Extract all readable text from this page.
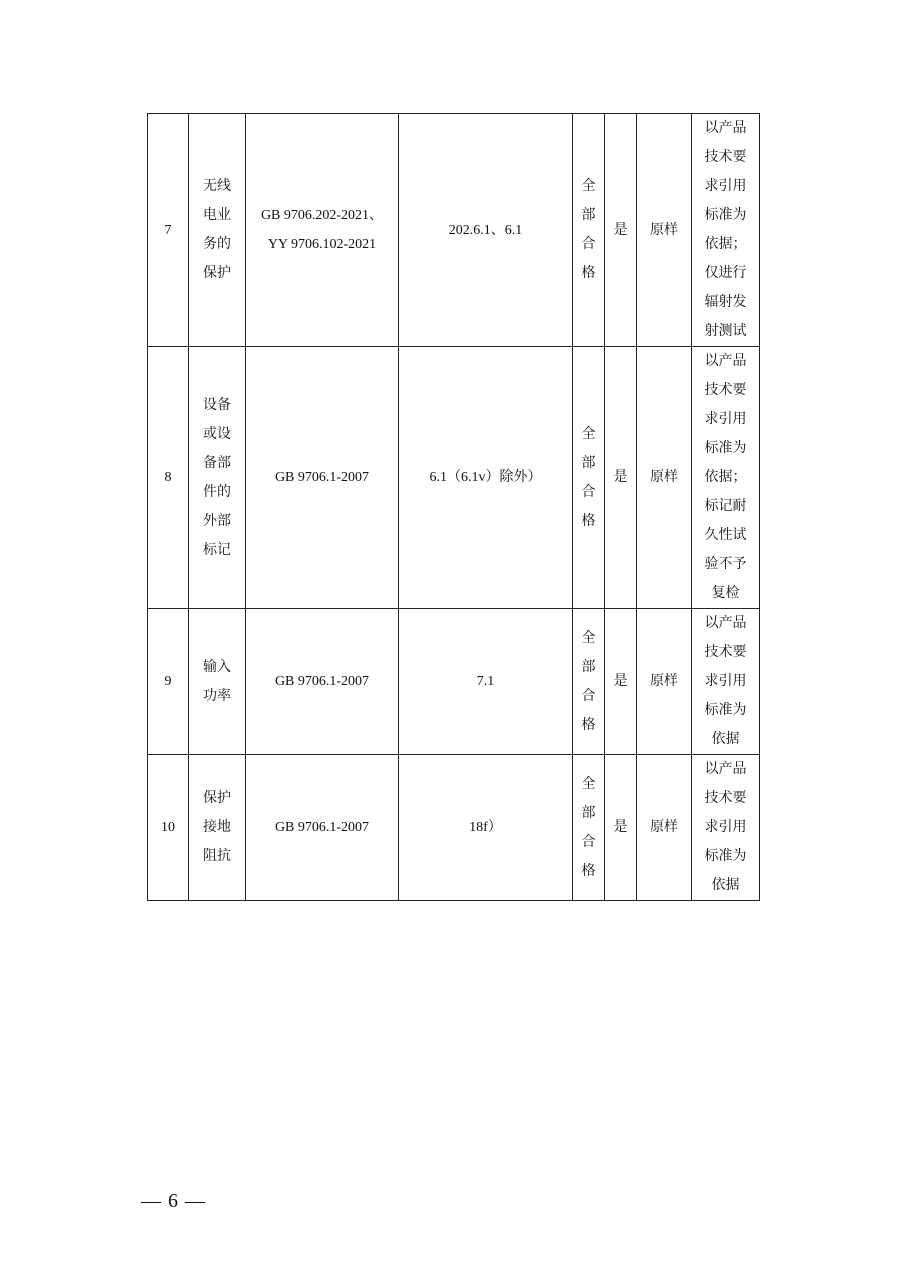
7	无线电业务的保护	GB 9706.202-2021、YY 9706.102-2021	202.6.1、6.1	全部合格	是	原样	以产品技术要求引用标准为依据；仅进行辐射发射测试

8	设备或设备部件的外部标记	GB 9706.1-2007	6.1（6.1v）除外）	全部合格	是	原样	以产品技术要求引用标准为依据；标记耐久性试验不予复检

9	输入功率	GB 9706.1-2007	7.1	全部合格	是	原样	以产品技术要求引用标准为依据

10	保护接地阻抗	GB 9706.1-2007	18f）	全部合格	是	原样	以产品技术要求引用标准为依据
— 6 —
